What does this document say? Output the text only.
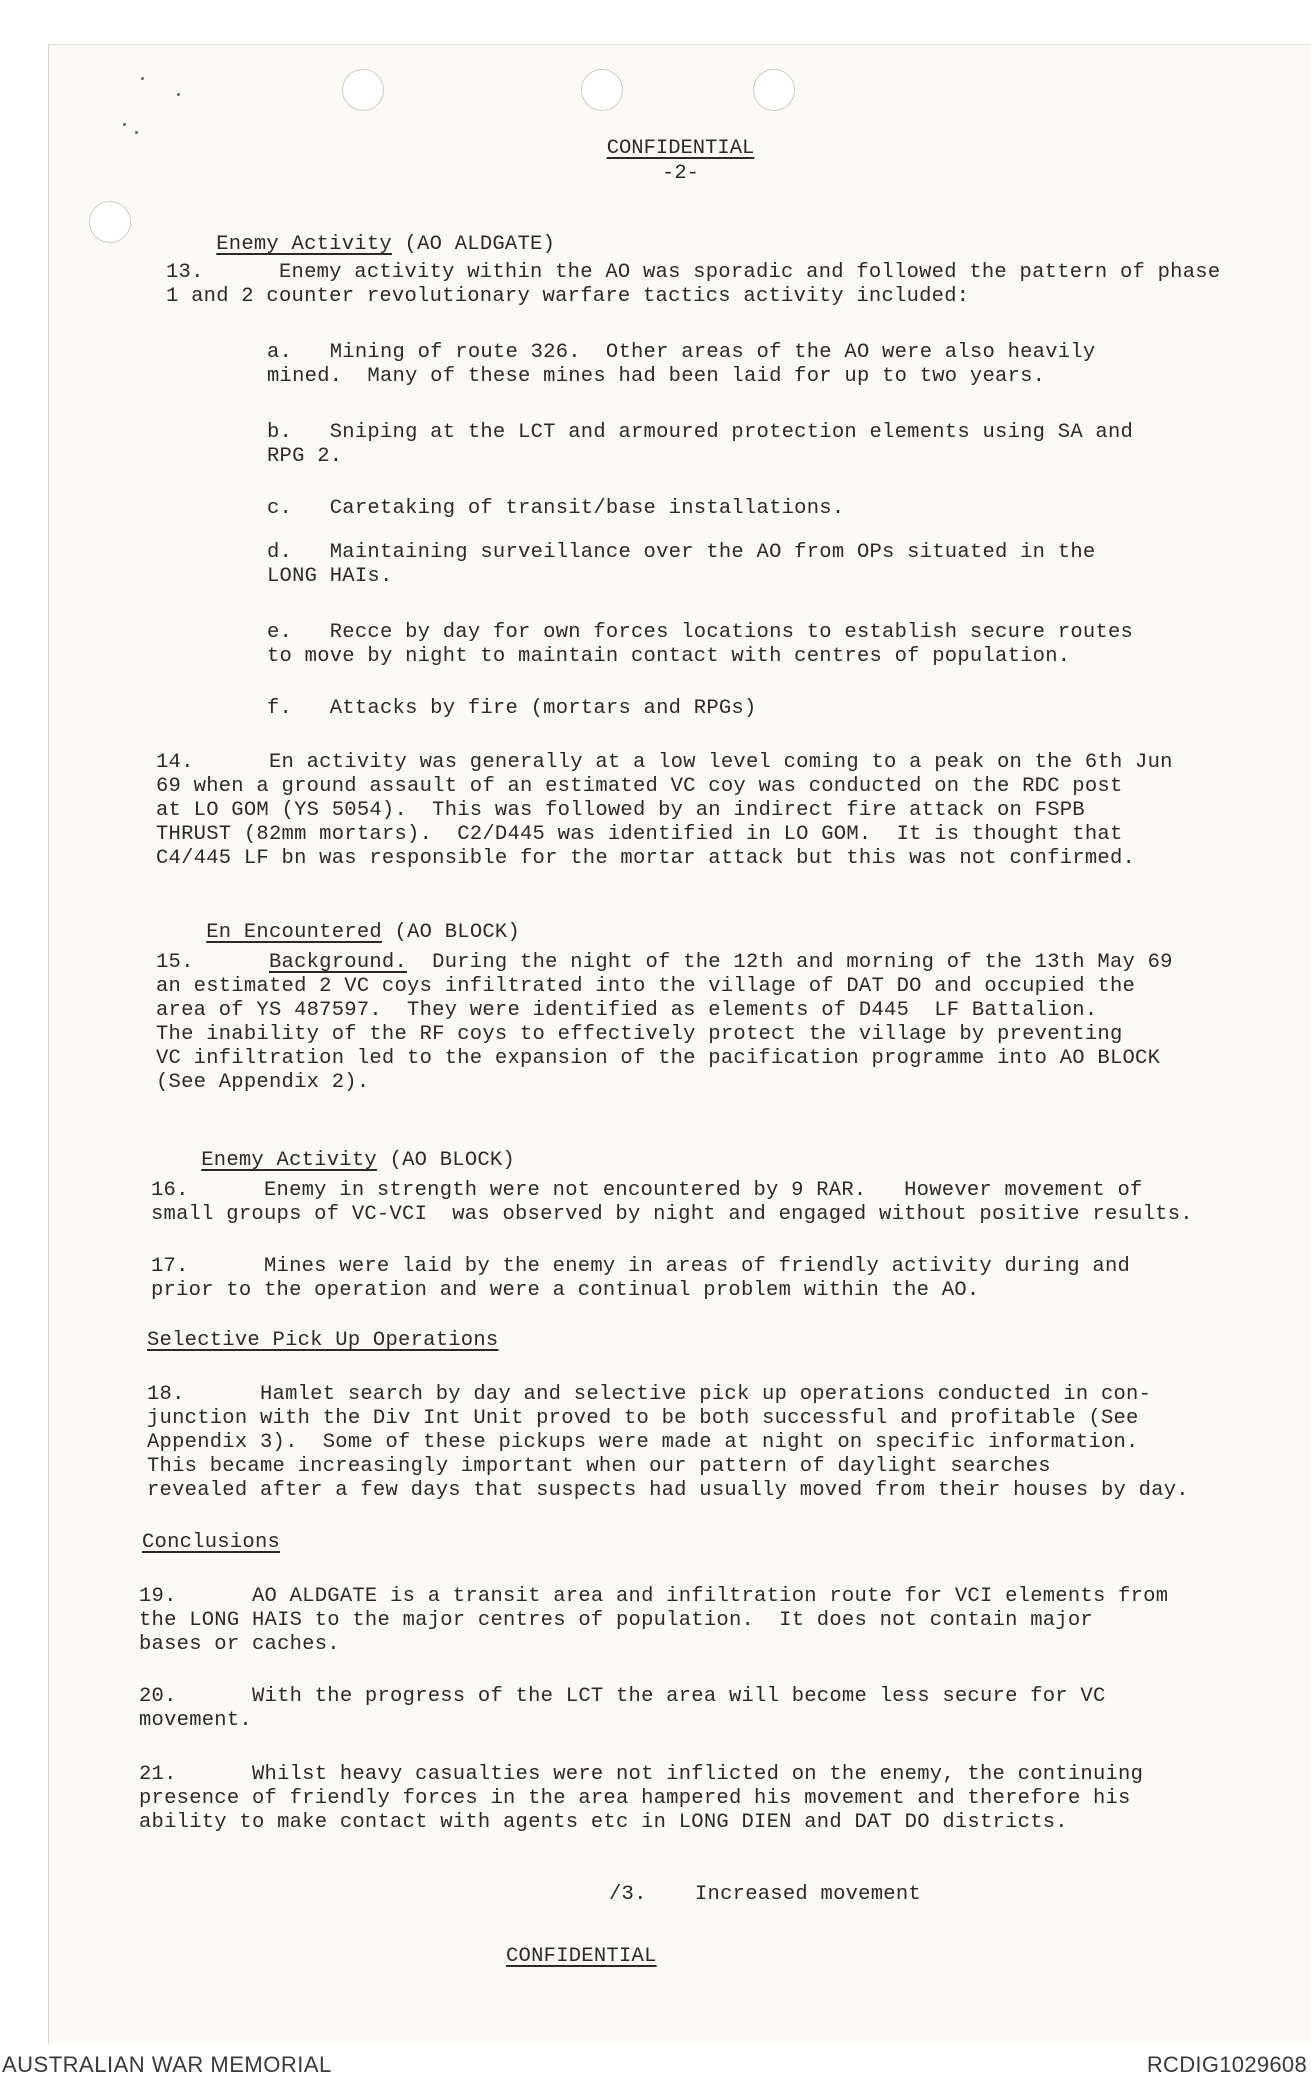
CONFIDENTIAL
-2-

Enemy Activity (AO ALDGATE)

13.      Enemy activity within the AO was sporadic and followed the pattern of phase
1 and 2 counter revolutionary warfare tactics activity included:
a.   Mining of route 326.  Other areas of the AO were also heavily
mined.  Many of these mines had been laid for up to two years.
b.   Sniping at the LCT and armoured protection elements using SA and
RPG 2.
c.   Caretaking of transit/base installations.
d.   Maintaining surveillance over the AO from OPs situated in the
LONG HAIs.
e.   Recce by day for own forces locations to establish secure routes
to move by night to maintain contact with centres of population.
f.   Attacks by fire (mortars and RPGs)
14.      En activity was generally at a low level coming to a peak on the 6th Jun
69 when a ground assault of an estimated VC coy was conducted on the RDC post
at LO GOM (YS 5054).  This was followed by an indirect fire attack on FSPB
THRUST (82mm mortars).  C2/D445 was identified in LO GOM.  It is thought that
C4/445 LF bn was responsible for the mortar attack but this was not confirmed.

En Encountered (AO BLOCK)

15.      Background.  During the night of the 12th and morning of the 13th May 69
an estimated 2 VC coys infiltrated into the village of DAT DO and occupied the
area of YS 487597.  They were identified as elements of D445  LF Battalion.
The inability of the RF coys to effectively protect the village by preventing
VC infiltration led to the expansion of the pacification programme into AO BLOCK
(See Appendix 2).

Enemy Activity (AO BLOCK)

16.      Enemy in strength were not encountered by 9 RAR.   However movement of
small groups of VC-VCI  was observed by night and engaged without positive results.
17.      Mines were laid by the enemy in areas of friendly activity during and
prior to the operation and were a continual problem within the AO.
Selective Pick Up Operations
18.      Hamlet search by day and selective pick up operations conducted in con-
junction with the Div Int Unit proved to be both successful and profitable (See
Appendix 3).  Some of these pickups were made at night on specific information.
This became increasingly important when our pattern of daylight searches
revealed after a few days that suspects had usually moved from their houses by day.
Conclusions
19.      AO ALDGATE is a transit area and infiltration route for VCI elements from
the LONG HAIS to the major centres of population.  It does not contain major
bases or caches.
20.      With the progress of the LCT the area will become less secure for VC
movement.
21.      Whilst heavy casualties were not inflicted on the enemy, the continuing
presence of friendly forces in the area hampered his movement and therefore his
ability to make contact with agents etc in LONG DIEN and DAT DO districts.
/3. Increased movement
CONFIDENTIAL
AUSTRALIAN WAR MEMORIAL	RCDIG1029608
